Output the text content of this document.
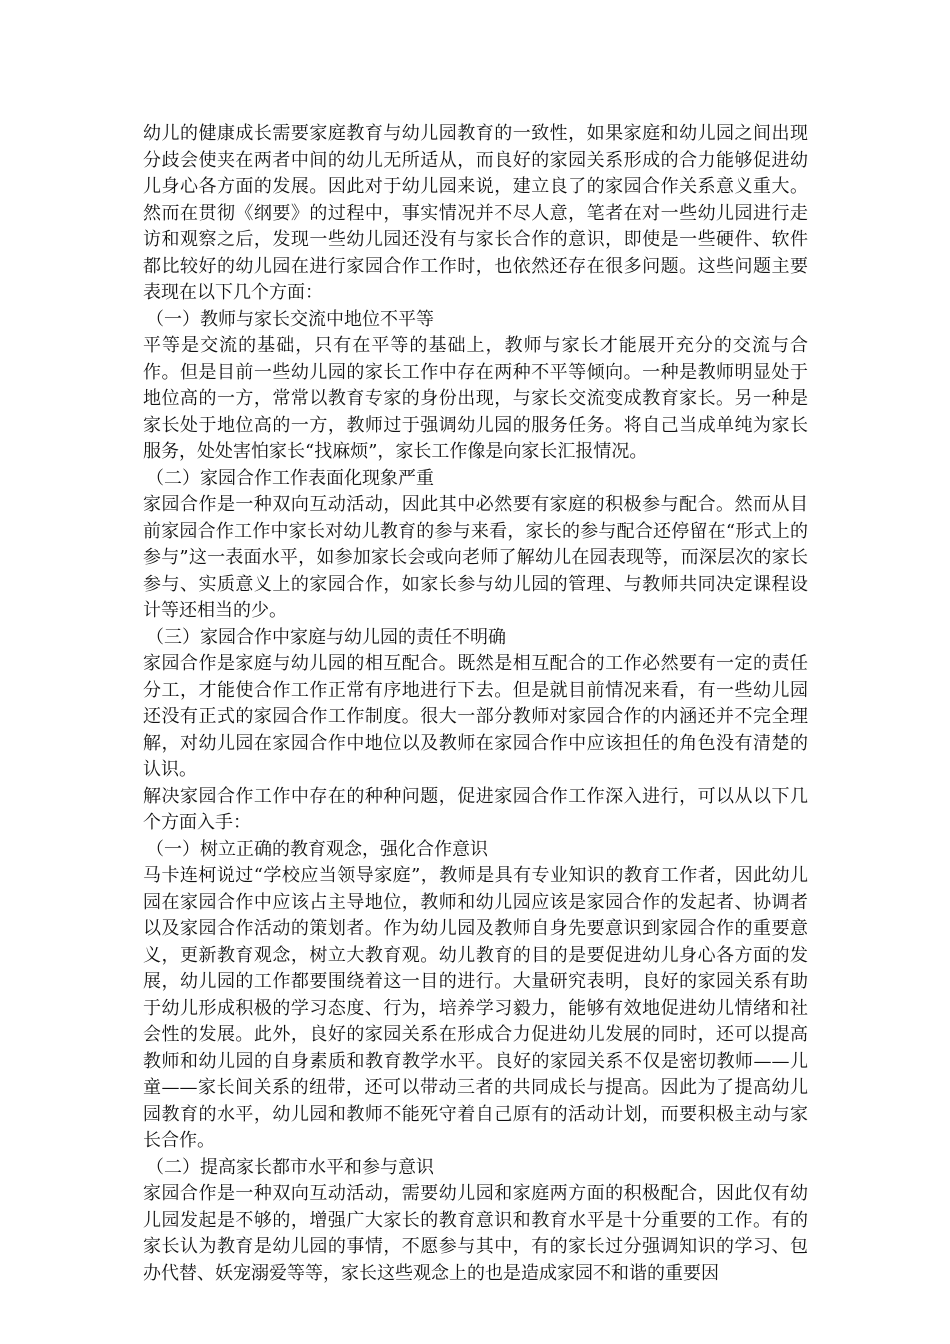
幼儿的健康成长需要家庭教育与幼儿园教育的一致性，如果家庭和幼儿园之间出现分歧会使夹在两者中间的幼儿无所适从，而良好的家园关系形成的合力能够促进幼儿身心各方面的发展。因此对于幼儿园来说，建立良了的家园合作关系意义重大。然而在贯彻《纲要》的过程中，事实情况并不尽人意，笔者在对一些幼儿园进行走访和观察之后，发现一些幼儿园还没有与家长合作的意识，即使是一些硬件、软件都比较好的幼儿园在进行家园合作工作时，也依然还存在很多问题。这些问题主要表现在以下几个方面：

（一）教师与家长交流中地位不平等

平等是交流的基础，只有在平等的基础上，教师与家长才能展开充分的交流与合作。但是目前一些幼儿园的家长工作中存在两种不平等倾向。一种是教师明显处于地位高的一方，常常以教育专家的身份出现，与家长交流变成教育家长。另一种是家长处于地位高的一方，教师过于强调幼儿园的服务任务。将自己当成单纯为家长服务，处处害怕家长“找麻烦”，家长工作像是向家长汇报情况。

（二）家园合作工作表面化现象严重

家园合作是一种双向互动活动，因此其中必然要有家庭的积极参与配合。然而从目前家园合作工作中家长对幼儿教育的参与来看，家长的参与配合还停留在“形式上的参与”这一表面水平，如参加家长会或向老师了解幼儿在园表现等，而深层次的家长参与、实质意义上的家园合作，如家长参与幼儿园的管理、与教师共同决定课程设计等还相当的少。

（三）家园合作中家庭与幼儿园的责任不明确

家园合作是家庭与幼儿园的相互配合。既然是相互配合的工作必然要有一定的责任分工，才能使合作工作正常有序地进行下去。但是就目前情况来看，有一些幼儿园还没有正式的家园合作工作制度。很大一部分教师对家园合作的内涵还并不完全理解，对幼儿园在家园合作中地位以及教师在家园合作中应该担任的角色没有清楚的认识。

解决家园合作工作中存在的种种问题，促进家园合作工作深入进行，可以从以下几个方面入手：

（一）树立正确的教育观念，强化合作意识

马卡连柯说过“学校应当领导家庭”，教师是具有专业知识的教育工作者，因此幼儿园在家园合作中应该占主导地位，教师和幼儿园应该是家园合作的发起者、协调者以及家园合作活动的策划者。作为幼儿园及教师自身先要意识到家园合作的重要意义，更新教育观念，树立大教育观。幼儿教育的目的是要促进幼儿身心各方面的发展，幼儿园的工作都要围绕着这一目的进行。大量研究表明，良好的家园关系有助于幼儿形成积极的学习态度、行为，培养学习毅力，能够有效地促进幼儿情绪和社会性的发展。此外，良好的家园关系在形成合力促进幼儿发展的同时，还可以提高教师和幼儿园的自身素质和教育教学水平。良好的家园关系不仅是密切教师——儿童——家长间关系的纽带，还可以带动三者的共同成长与提高。因此为了提高幼儿园教育的水平，幼儿园和教师不能死守着自己原有的活动计划，而要积极主动与家长合作。

（二）提高家长都市水平和参与意识

家园合作是一种双向互动活动，需要幼儿园和家庭两方面的积极配合，因此仅有幼儿园发起是不够的，增强广大家长的教育意识和教育水平是十分重要的工作。有的家长认为教育是幼儿园的事情，不愿参与其中，有的家长过分强调知识的学习、包办代替、妖宠溺爱等等，家长这些观念上的也是造成家园不和谐的重要因
